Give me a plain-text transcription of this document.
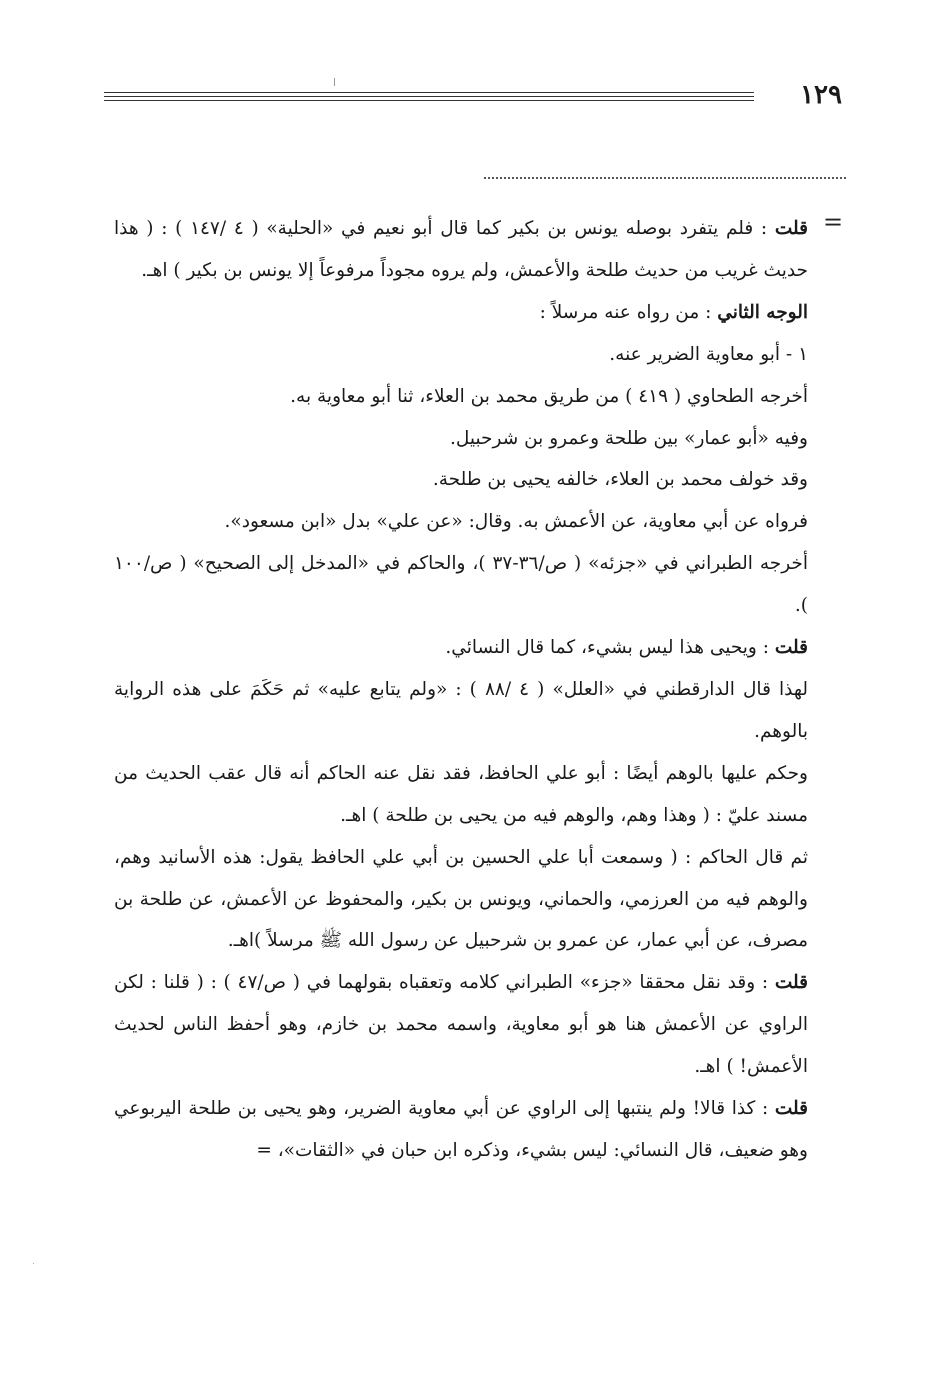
١٢٩
=

قلت : فلم يتفرد بوصله يونس بن بكير كما قال أبو نعيم في «الحلية» ( ٤ /١٤٧ ) : ( هذا حديث غريب من حديث طلحة والأعمش، ولم يروه مجوداً مرفوعاً إلا يونس بن بكير ) اهـ.

الوجه الثاني : من رواه عنه مرسلاً :

١ - أبو معاوية الضرير عنه.

أخرجه الطحاوي ( ٤١٩ ) من طريق محمد بن العلاء، ثنا أبو معاوية به.

وفيه «أبو عمار» بين طلحة وعمرو بن شرحبيل.

وقد خولف محمد بن العلاء، خالفه يحيى بن طلحة.

فرواه عن أبي معاوية، عن الأعمش به. وقال: «عن علي» بدل «ابن مسعود».

أخرجه الطبراني في «جزئه» ( ص/٣٦-٣٧ )، والحاكم في «المدخل إلى الصحيح» ( ص/١٠٠ ).

قلت : ويحيى هذا ليس بشيء، كما قال النسائي.

لهذا قال الدارقطني في «العلل» ( ٤ /٨٨ ) : «ولم يتابع عليه» ثم حَكَمَ على هذه الرواية بالوهم.

وحكم عليها بالوهم أيضًا : أبو علي الحافظ، فقد نقل عنه الحاكم أنه قال عقب الحديث من مسند عليّ : ( وهذا وهم، والوهم فيه من يحيى بن طلحة ) اهـ.

ثم قال الحاكم : ( وسمعت أبا علي الحسين بن أبي علي الحافظ يقول: هذه الأسانيد وهم، والوهم فيه من العرزمي، والحماني، ويونس بن بكير، والمحفوظ عن الأعمش، عن طلحة بن مصرف، عن أبي عمار، عن عمرو بن شرحبيل عن رسول الله ﷺ مرسلاً )اهـ.

قلت : وقد نقل محققا «جزء» الطبراني كلامه وتعقباه بقولهما في ( ص/٤٧ ) : ( قلنا : لكن الراوي عن الأعمش هنا هو أبو معاوية، واسمه محمد بن خازم، وهو أحفظ الناس لحديث الأعمش! ) اهـ.

قلت : كذا قالا! ولم ينتبها إلى الراوي عن أبي معاوية الضرير، وهو يحيى بن طلحة اليربوعي وهو ضعيف، قال النسائي: ليس بشيء، وذكره ابن حبان في «الثقات»، =
